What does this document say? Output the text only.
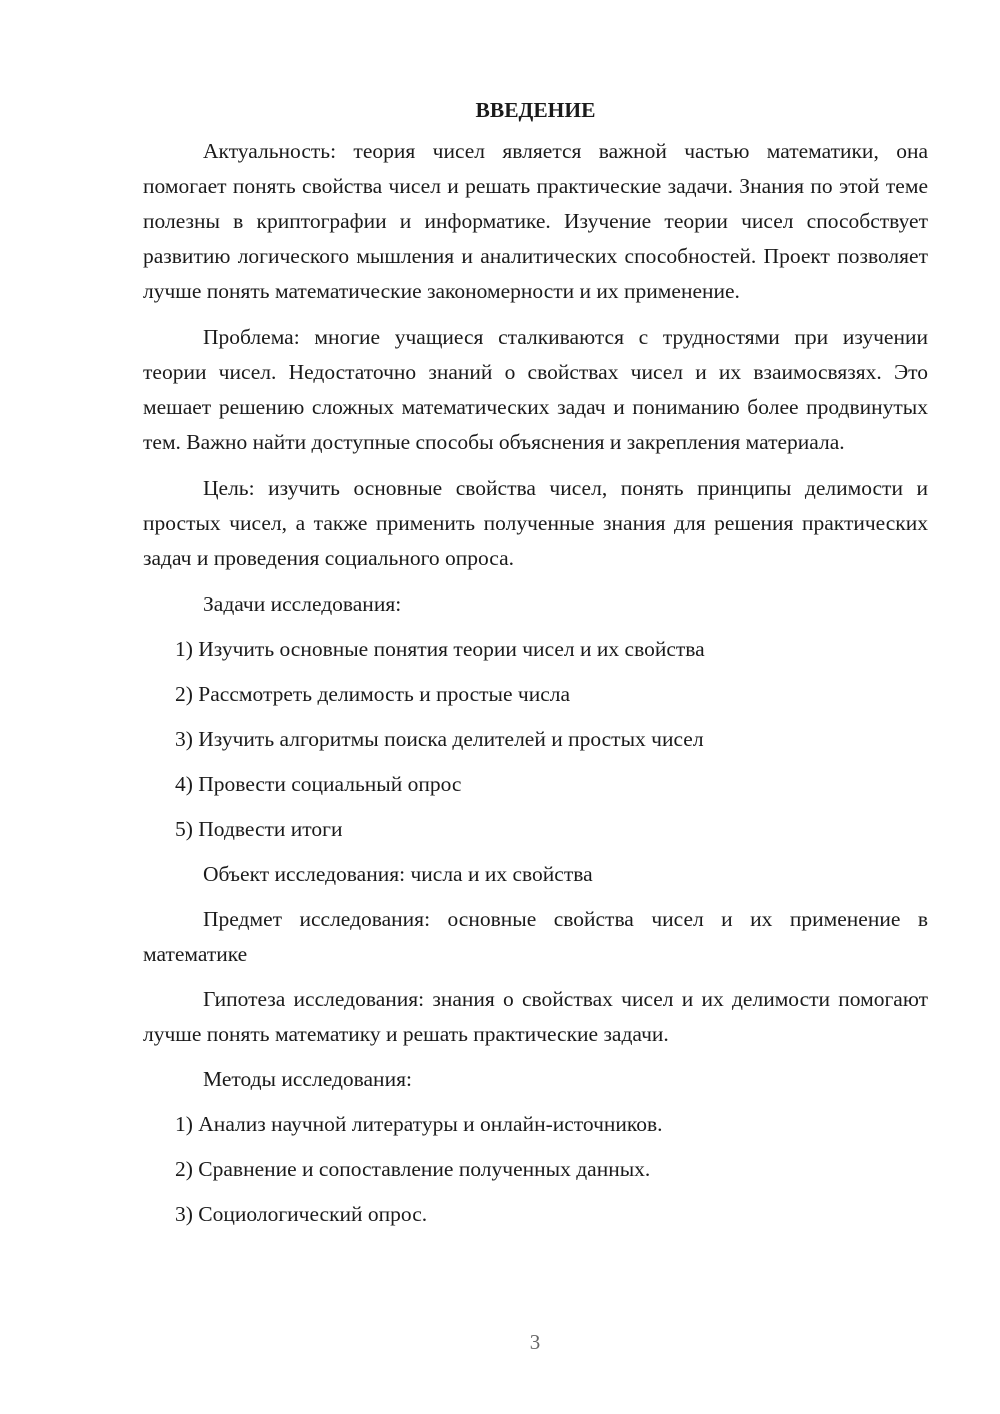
ВВЕДЕНИЕ

Актуальность: теория чисел является важной частью математики, она помогает понять свойства чисел и решать практические задачи. Знания по этой теме полезны в криптографии и информатике. Изучение теории чисел способствует развитию логического мышления и аналитических способностей. Проект позволяет лучше понять математические закономерности и их применение.

Проблема: многие учащиеся сталкиваются с трудностями при изучении теории чисел. Недостаточно знаний о свойствах чисел и их взаимосвязях. Это мешает решению сложных математических задач и пониманию более продвинутых тем. Важно найти доступные способы объяснения и закрепления материала.

Цель: изучить основные свойства чисел, понять принципы делимости и простых чисел, а также применить полученные знания для решения практических задач и проведения социального опроса.

Задачи исследования:

1) Изучить основные понятия теории чисел и их свойства
2) Рассмотреть делимость и простые числа
3) Изучить алгоритмы поиска делителей и простых чисел
4) Провести социальный опрос
5) Подвести итоги

Объект исследования: числа и их свойства

Предмет исследования: основные свойства чисел и их применение в математике

Гипотеза исследования: знания о свойствах чисел и их делимости помогают лучше понять математику и решать практические задачи.

Методы исследования:

1) Анализ научной литературы и онлайн-источников.
2) Сравнение и сопоставление полученных данных.
3) Социологический опрос.
3
